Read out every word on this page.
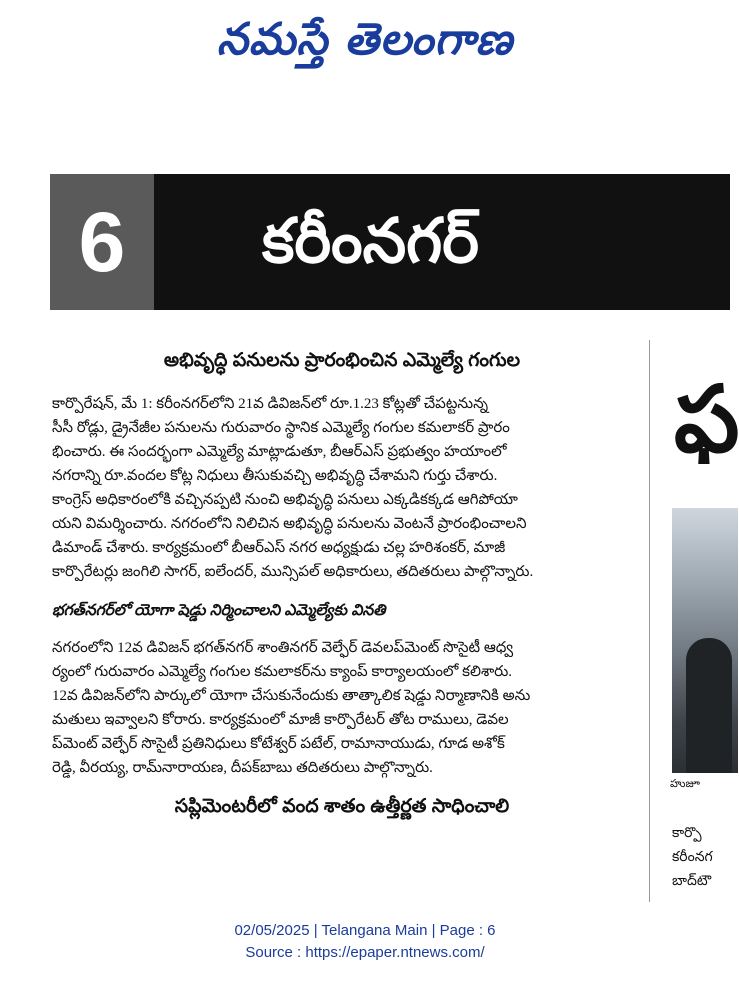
నమస్తే తెలంగాణ
6	కరీంనగర్
అభివృద్ధి పనులను ప్రారంభించిన ఎమ్మెల్యే గంగుల

కార్పొరేషన్, మే 1: కరీంనగర్‌లోని 21వ డివిజన్‌లో రూ.1.23 కోట్లతో చేపట్టనున్న
సీసీ రోడ్లు, డ్రైనేజీల పనులను గురువారం స్థానిక ఎమ్మెల్యే గంగుల కమలాకర్ ప్రారం
భించారు. ఈ సందర్భంగా ఎమ్మెల్యే మాట్లాడుతూ, బీఆర్‌ఎస్ ప్రభుత్వం హయాంలో
నగరాన్ని రూ.వందల కోట్ల నిధులు తీసుకువచ్చి అభివృద్ధి చేశామని గుర్తు చేశారు.
కాంగ్రెస్ అధికారంలోకి వచ్చినప్పటి నుంచి అభివృద్ధి పనులు ఎక్కడికక్కడ ఆగిపోయా
యని విమర్శించారు. నగరంలోని నిలిచిన అభివృద్ధి పనులను వెంటనే ప్రారంభించాలని
డిమాండ్ చేశారు. కార్యక్రమంలో బీఆర్‌ఎస్ నగర అధ్యక్షుడు చల్ల హరిశంకర్, మాజీ
కార్పొరేటర్లు జంగిలి సాగర్, ఐలేందర్, మున్సిపల్ అధికారులు, తదితరులు పాల్గొన్నారు.

భగత్‌నగర్‌లో యోగా షెడ్డు నిర్మించాలని ఎమ్మెల్యేకు వినతి

నగరంలోని 12వ డివిజన్ భగత్‌నగర్ శాంతినగర్ వెల్ఫేర్ డెవలప్‌మెంట్ సొసైటీ ఆధ్వ
ర్యంలో గురువారం ఎమ్మెల్యే గంగుల కమలాకర్‌ను క్యాంప్ కార్యాలయంలో కలిశారు.
12వ డివిజన్‌లోని పార్కులో యోగా చేసుకునేందుకు తాత్కాలిక షెడ్డు నిర్మాణానికి అను
మతులు ఇవ్వాలని కోరారు. కార్యక్రమంలో మాజీ కార్పొరేటర్ తోట రాములు, డెవల
ప్‌మెంట్ వెల్ఫేర్ సొసైటీ ప్రతినిధులు కోటేశ్వర్ పటేల్, రామానాయుడు, గూడ అశోక్
రెడ్డి, వీరయ్య, రామ్‌నారాయణ, దీపక్‌బాబు తదితరులు పాల్గొన్నారు.

సప్లిమెంటరీలో వంద శాతం ఉత్తీర్ణత సాధించాలి
ఫ
హుజూ
కార్పొ
కరీంనగ
బాద్‌టౌ
02/05/2025 | Telangana Main | Page : 6
Source : https://epaper.ntnews.com/
